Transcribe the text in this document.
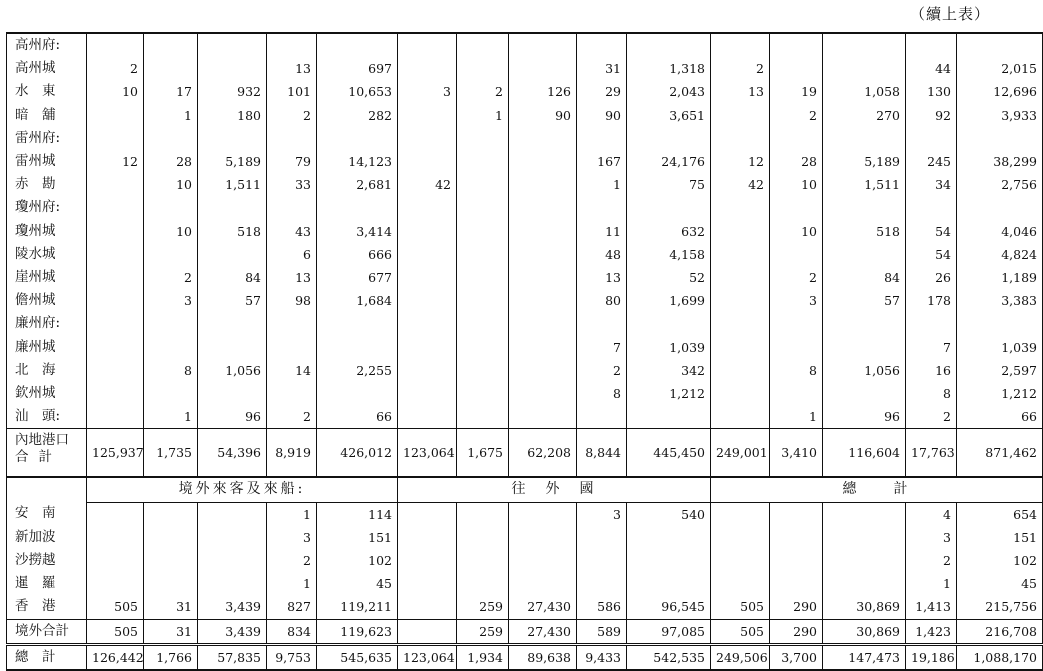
（續上表）
高州府:															
高州城	2			13	697				31	1,318	2			44	2,015
水　東	10	17	932	101	10,653	3	2	126	29	2,043	13	19	1,058	130	12,696
暗　舖		1	180	2	282		1	90	90	3,651		2	270	92	3,933
雷州府:															
雷州城	12	28	5,189	79	14,123				167	24,176	12	28	5,189	245	38,299
赤　勘		10	1,511	33	2,681	42			1	75	42	10	1,511	34	2,756
瓊州府:															
瓊州城		10	518	43	3,414				11	632		10	518	54	4,046
陵水城				6	666				48	4,158				54	4,824
崖州城		2	84	13	677				13	52		2	84	26	1,189
儋州城		3	57	98	1,684				80	1,699		3	57	178	3,383
廉州府:															
廉州城									7	1,039				7	1,039
北　海		8	1,056	14	2,255				2	342		8	1,056	16	2,597
欽州城									8	1,212				8	1,212
汕　頭:		1	96	2	66							1	96	2	66

內地港口
合計	125,937	1,735	54,396	8,919	426,012	123,064	1,675	62,208	8,844	445,450	249,001	3,410	116,604	17,763	871,462
	境外來客及來船:					往　外　國					總　　計				
安　南				1	114				3	540				4	654
新加波				3	151									3	151
沙撈越				2	102									2	102
暹　羅				1	45									1	45
香　港	505	31	3,439	827	119,211		259	27,430	586	96,545	505	290	30,869	1,413	215,756
境外合計	505	31	3,439	834	119,623		259	27,430	589	97,085	505	290	30,869	1,423	216,708
總　計	126,442	1,766	57,835	9,753	545,635	123,064	1,934	89,638	9,433	542,535	249,506	3,700	147,473	19,186	1,088,170
